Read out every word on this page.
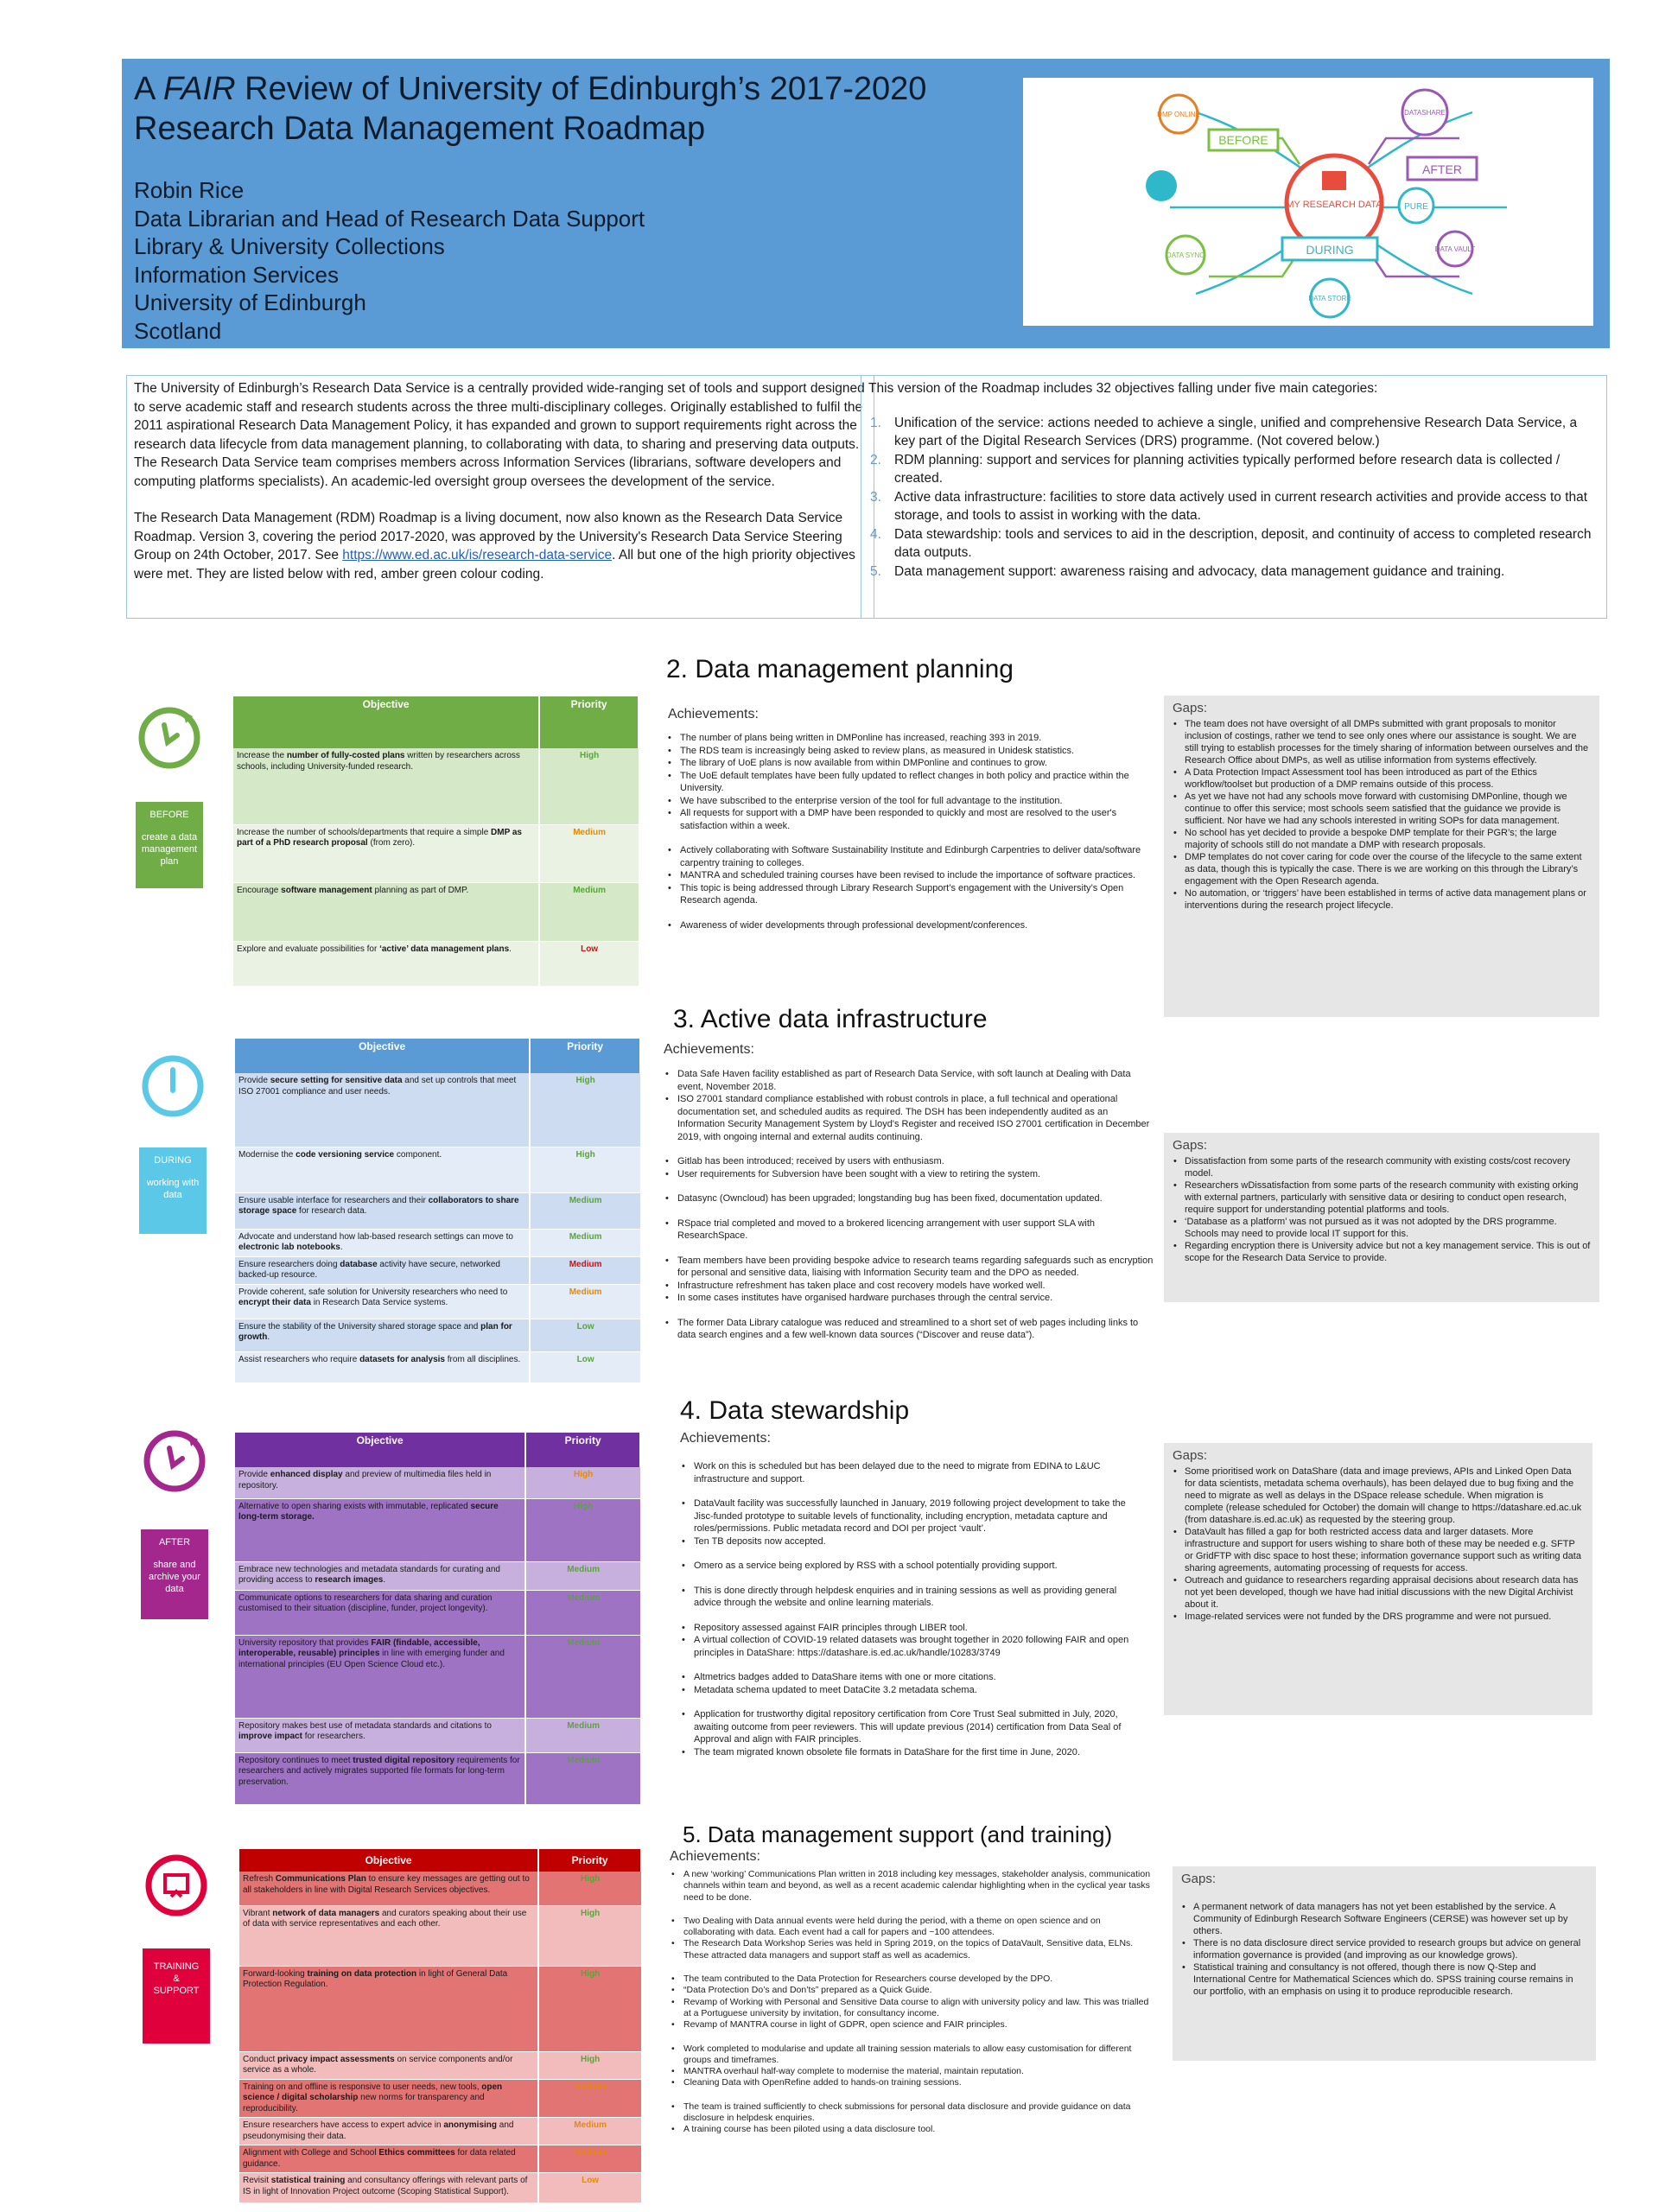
A FAIR Review of University of Edinburgh’s 2017-2020
Research Data Management Roadmap
Robin Rice
Data Librarian and Head of Research Data Support
Library & University Collections
Information Services
University of Edinburgh
Scotland
MY RESEARCH DATA
DMP ONLINE
BEFORE
DATA SYNC	DURING
DATA STORE
DATASHARE
AFTER
PURE
DATA VAULT

The University of Edinburgh’s Research Data Service is a centrally provided wide-ranging set of tools and support designed to serve academic staff and research students across the three multi-disciplinary colleges. Originally established to fulfil the 2011 aspirational Research Data Management Policy, it has expanded and grown to support requirements right across the research data lifecycle from data management planning, to collaborating with data, to sharing and preserving data outputs. The Research Data Service team comprises members across Information Services (librarians, software developers and computing platforms specialists). An academic-led oversight group oversees the development of the service.

The Research Data Management (RDM) Roadmap is a living document, now also known as the Research Data Service Roadmap. Version 3, covering the period 2017-2020, was approved by the University's Research Data Service Steering Group on 24th October, 2017. See https://www.ed.ac.uk/is/research-data-service. All but one of the high priority objectives were met. They are listed below with red, amber green colour coding.

This version of the Roadmap includes 32 objectives falling under five main categories:

1. Unification of the service: actions needed to achieve a single, unified and comprehensive Research Data Service, a key part of the Digital Research Services (DRS) programme. (Not covered below.)
2. RDM planning: support and services for planning activities typically performed before research data is collected / created.
3. Active data infrastructure: facilities to store data actively used in current research activities and provide access to that storage, and tools to assist in working with the data.
4. Data stewardship: tools and services to aid in the description, deposit, and continuity of access to completed research data outputs.
5. Data management support: awareness raising and advocacy, data management guidance and training.
2. Data management planning
Achievements:
BEFORE
create a data management plan
Objective	Priority
Increase the number of fully-costed plans written by researchers across schools, including University-funded research.	High
Increase the number of schools/departments that require a simple DMP as part of a PhD research proposal (from zero).	Medium
Encourage software management planning as part of DMP.	Medium
Explore and evaluate possibilities for ‘active’ data management plans.	Low
• The number of plans being written in DMPonline has increased, reaching 393 in 2019.
• The RDS team is increasingly being asked to review plans, as measured in Unidesk statistics.
• The library of UoE plans is now available from within DMPonline and continues to grow.
• The UoE default templates have been fully updated to reflect changes in both policy and practice within the University.
• We have subscribed to the enterprise version of the tool for full advantage to the institution.
• All requests for support with a DMP have been responded to quickly and most are resolved to the user's satisfaction within a week.
• Actively collaborating with Software Sustainability Institute and Edinburgh Carpentries to deliver data/software carpentry training to colleges.
• MANTRA and scheduled training courses have been revised to include the importance of software practices.
• This topic is being addressed through Library Research Support’s engagement with the University’s Open Research agenda.
• Awareness of wider developments through professional development/conferences.
Gaps:
• The team does not have oversight of all DMPs submitted with grant proposals to monitor inclusion of costings, rather we tend to see only ones where our assistance is sought. We are still trying to establish processes for the timely sharing of information between ourselves and the Research Office about DMPs, as well as utilise information from systems effectively.
• A Data Protection Impact Assessment tool has been introduced as part of the Ethics workflow/toolset but production of a DMP remains outside of this process.
• As yet we have not had any schools move forward with customising DMPonline, though we continue to offer this service; most schools seem satisfied that the guidance we provide is sufficient. Nor have we had any schools interested in writing SOPs for data management.
• No school has yet decided to provide a bespoke DMP template for their PGR’s; the large majority of schools still do not mandate a DMP with research proposals.
• DMP templates do not cover caring for code over the course of the lifecycle to the same extent as data, though this is typically the case. There is we are working on this through the Library’s engagement with the Open Research agenda.
• No automation, or ‘triggers’ have been established in terms of active data management plans or interventions during the research project lifecycle.
3. Active data infrastructure
Achievements:
DURING
working with data
Objective	Priority
Provide secure setting for sensitive data and set up controls that meet ISO 27001 compliance and user needs.	High
Modernise the code versioning service component.	High
Ensure usable interface for researchers and their collaborators to share storage space for research data.	Medium
Advocate and understand how lab-based research settings can move to electronic lab notebooks.	Medium
Ensure researchers doing database activity have secure, networked backed-up resource.	Medium
Provide coherent, safe solution for University researchers who need to encrypt their data in Research Data Service systems.	Medium
Ensure the stability of the University shared storage space and plan for growth.	Low
Assist researchers who require datasets for analysis from all disciplines.	Low
• Data Safe Haven facility established as part of Research Data Service, with soft launch at Dealing with Data event, November 2018.
• ISO 27001 standard compliance established with robust controls in place, a full technical and operational documentation set, and scheduled audits as required. The DSH has been independently audited as an Information Security Management System by Lloyd's Register and received ISO 27001 certification in December 2019, with ongoing internal and external audits continuing.
• Gitlab has been introduced; received by users with enthusiasm.
• User requirements for Subversion have been sought with a view to retiring the system.
• Datasync (Owncloud) has been upgraded; longstanding bug has been fixed, documentation updated.
• RSpace trial completed and moved to a brokered licencing arrangement with user support SLA with ResearchSpace.
• Team members have been providing bespoke advice to research teams regarding safeguards such as encryption for personal and sensitive data, liaising with Information Security team and the DPO as needed.
• Infrastructure refreshment has taken place and cost recovery models have worked well.
• In some cases institutes have organised hardware purchases through the central service.
• The former Data Library catalogue was reduced and streamlined to a short set of web pages including links to data search engines and a few well-known data sources (“Discover and reuse data”).
Gaps:
• Dissatisfaction from some parts of the research community with existing costs/cost recovery model.
• Researchers wDissatisfaction from some parts of the research community with existing orking with external partners, particularly with sensitive data or desiring to conduct open research, require support for understanding potential platforms and tools.
• ‘Database as a platform’ was not pursued as it was not adopted by the DRS programme. Schools may need to provide local IT support for this.
• Regarding encryption there is University advice but not a key management service. This is out of scope for the Research Data Service to provide.
4. Data stewardship
Achievements:
AFTER
share and archive your data
Objective	Priority
Provide enhanced display and preview of multimedia files held in repository.	High
Alternative to open sharing exists with immutable, replicated secure long-term storage.	High
Embrace new technologies and metadata standards for curating and providing access to research images.	Medium
Communicate options to researchers for data sharing and curation customised to their situation (discipline, funder, project longevity).	Medium
University repository that provides FAIR (findable, accessible, interoperable, reusable) principles in line with emerging funder and international principles (EU Open Science Cloud etc.).	Medium
Repository makes best use of metadata standards and citations to improve impact for researchers.	Medium
Repository continues to meet trusted digital repository requirements for researchers and actively migrates supported file formats for long-term preservation.	Medium
• Work on this is scheduled but has been delayed due to the need to migrate from EDINA to L&UC infrastructure and support.
• DataVault facility was successfully launched in January, 2019 following project development to take the Jisc-funded prototype to suitable levels of functionality, including encryption, metadata capture and roles/permissions. Public metadata record and DOI per project ‘vault’.
• Ten TB deposits now accepted.
• Omero as a service being explored by RSS with a school potentially providing support.
• This is done directly through helpdesk enquiries and in training sessions as well as providing general advice through the website and online learning materials.
• Repository assessed against FAIR principles through LIBER tool.
• A virtual collection of COVID-19 related datasets was brought together in 2020 following FAIR and open principles in DataShare: https://datashare.is.ed.ac.uk/handle/10283/3749
• Altmetrics badges added to DataShare items with one or more citations.
• Metadata schema updated to meet DataCite 3.2 metadata schema.
• Application for trustworthy digital repository certification from Core Trust Seal submitted in July, 2020, awaiting outcome from peer reviewers. This will update previous (2014) certification from Data Seal of Approval and align with FAIR principles.
• The team migrated known obsolete file formats in DataShare for the first time in June, 2020.
Gaps:
• Some prioritised work on DataShare (data and image previews, APIs and Linked Open Data for data scientists, metadata schema overhauls), has been delayed due to bug fixing and the need to migrate as well as delays in the DSpace release schedule. When migration is complete (release scheduled for October) the domain will change to https://datashare.ed.ac.uk (from datashare.is.ed.ac.uk) as requested by the steering group.
• DataVault has filled a gap for both restricted access data and larger datasets. More infrastructure and support for users wishing to share both of these may be needed e.g. SFTP or GridFTP with disc space to host these; information governance support such as writing data sharing agreements, automating processing of requests for access.
• Outreach and guidance to researchers regarding appraisal decisions about research data has not yet been developed, though we have had initial discussions with the new Digital Archivist about it.
• Image-related services were not funded by the DRS programme and were not pursued.
5. Data management support (and training)
Achievements:
TRAINING
&
SUPPORT
Objective	Priority
Refresh Communications Plan to ensure key messages are getting out to all stakeholders in line with Digital Research Services objectives.	High
Vibrant network of data managers and curators speaking about their use of data with service representatives and each other.	High
Forward-looking training on data protection in light of General Data Protection Regulation.	High
Conduct privacy impact assessments on service components and/or service as a whole.	High
Training on and offline is responsive to user needs, new tools, open science / digital scholarship new norms for transparency and reproducibility.	Medium
Ensure researchers have access to expert advice in anonymising and pseudonymising their data.	Medium
Alignment with College and School Ethics committees for data related guidance.	Medium
Revisit statistical training and consultancy offerings with relevant parts of IS in light of Innovation Project outcome (Scoping Statistical Support).	Low
• A new ‘working’ Communications Plan written in 2018 including key messages, stakeholder analysis, communication channels within team and beyond, as well as a recent academic calendar highlighting when in the cyclical year tasks need to be done.
• Two Dealing with Data annual events were held during the period, with a theme on open science and on collaborating with data. Each event had a call for papers and ~100 attendees.
• The Research Data Workshop Series was held in Spring 2019, on the topics of DataVault, Sensitive data, ELNs. These attracted data managers and support staff as well as academics.
• The team contributed to the Data Protection for Researchers course developed by the DPO.
• “Data Protection Do’s and Don’ts” prepared as a Quick Guide.
• Revamp of Working with Personal and Sensitive Data course to align with university policy and law. This was trialled at a Portuguese university by invitation, for consultancy income.
• Revamp of MANTRA course in light of GDPR, open science and FAIR principles.
• Work completed to modularise and update all training session materials to allow easy customisation for different groups and timeframes.
• MANTRA overhaul half-way complete to modernise the material, maintain reputation.
• Cleaning Data with OpenRefine added to hands-on training sessions.
• The team is trained sufficiently to check submissions for personal data disclosure and provide guidance on data disclosure in helpdesk enquiries.
• A training course has been piloted using a data disclosure tool.
Gaps:
• A permanent network of data managers has not yet been established by the service. A Community of Edinburgh Research Software Engineers (CERSE) was however set up by others.
• There is no data disclosure direct service provided to research groups but advice on general information governance is provided (and improving as our knowledge grows).
• Statistical training and consultancy is not offered, though there is now Q-Step and International Centre for Mathematical Sciences which do. SPSS training course remains in our portfolio, with an emphasis on using it to produce reproducible research.
